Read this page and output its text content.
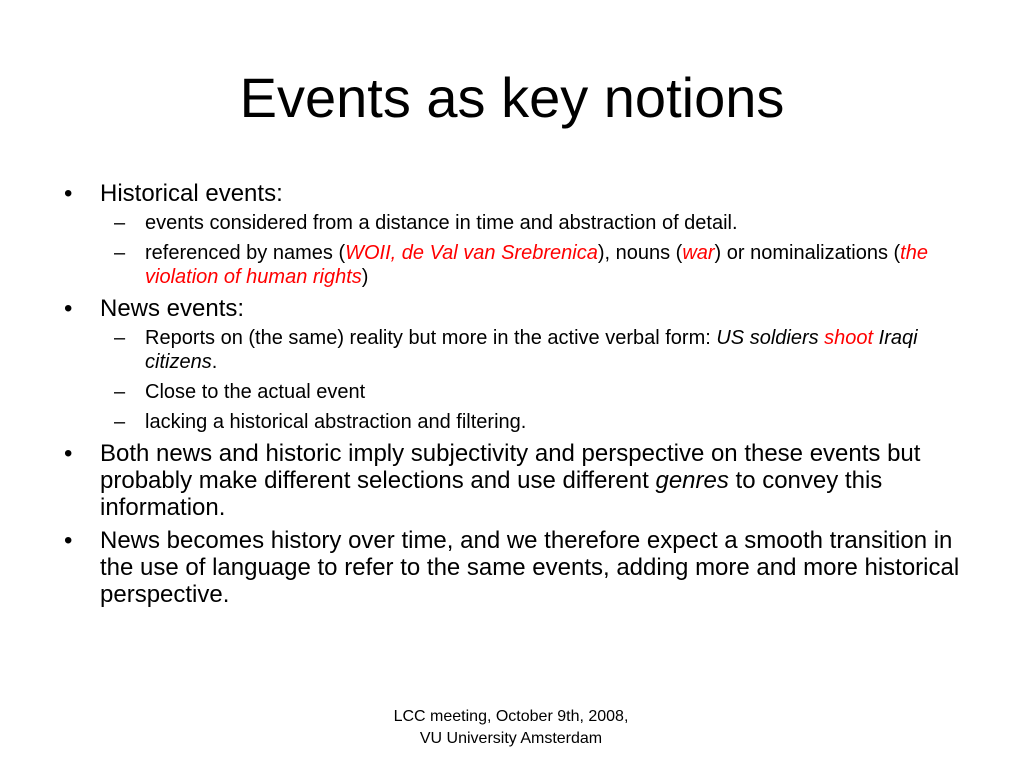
Events as key notions
•	Historical events:
– events considered from a distance in time and abstraction of detail.
– referenced by names (WOII, de Val van Srebrenica), nouns (war) or nominalizations (the violation of human rights)
•	News events:
– Reports on (the same) reality but more in the active verbal form: US soldiers shoot Iraqi citizens.
– Close to the actual event
– lacking a historical abstraction and filtering.
•	Both news and historic imply subjectivity and perspective on these events but probably make different selections and use different genres to convey this information.
•	News becomes history over time, and we therefore expect a smooth transition in the use of language to refer to the same events, adding more and more historical perspective.
LCC meeting, October 9th, 2008,
VU University Amsterdam
